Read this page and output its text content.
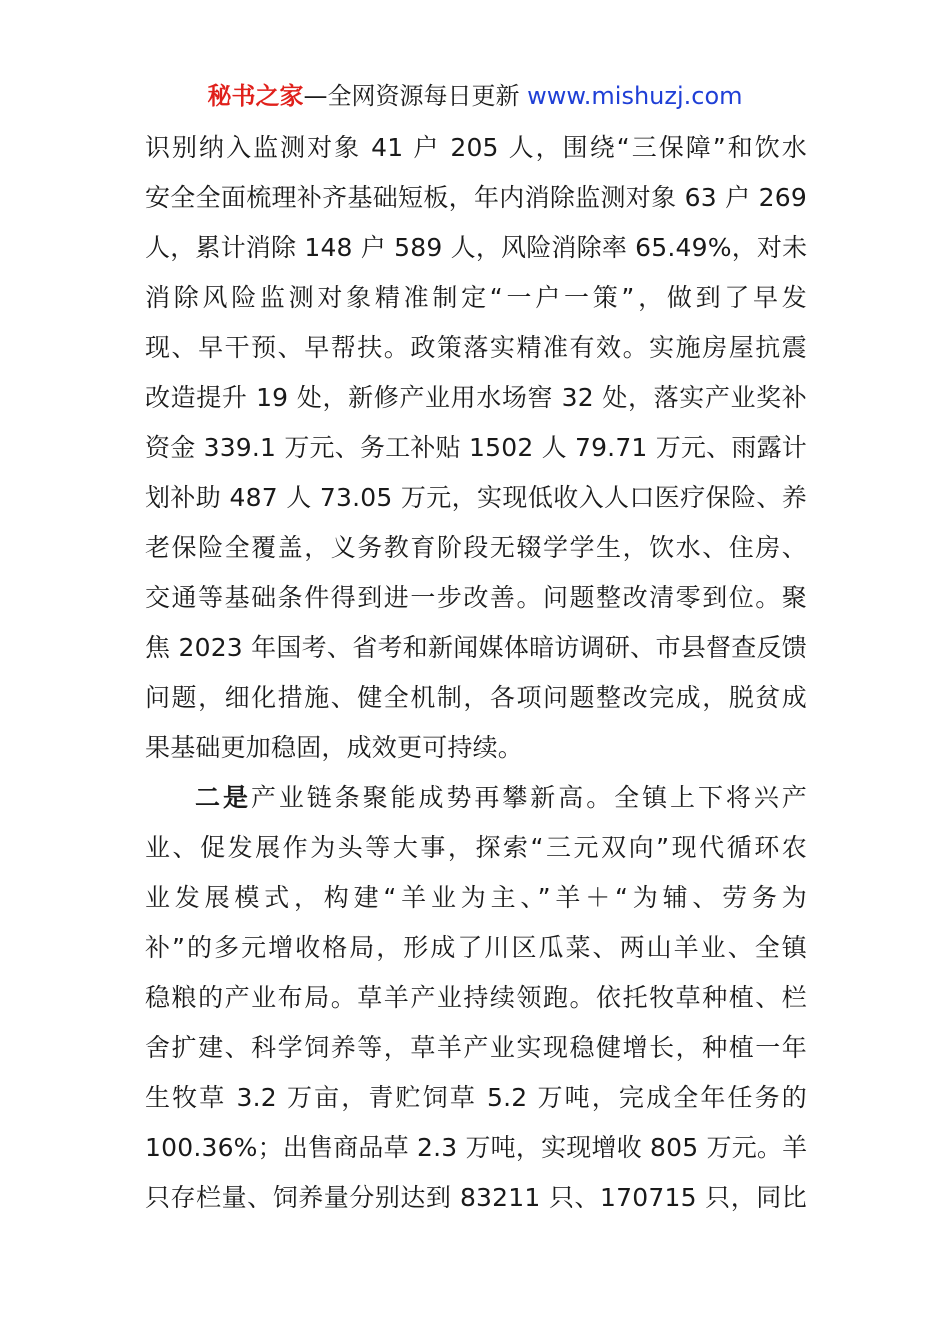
秘书之家—全网资源每日更新 www.mishuzj.com
识别纳入监测对象 41 户 205 人，围绕“三保障”和饮水
安全全面梳理补齐基础短板，年内消除监测对象 63 户 269
人，累计消除 148 户 589 人，风险消除率 65.49%，对未
消除风险监测对象精准制定“一户一策”，做到了早发
现、早干预、早帮扶。政策落实精准有效。实施房屋抗震
改造提升 19 处，新修产业用水场窖 32 处，落实产业奖补
资金 339.1 万元、务工补贴 1502 人 79.71 万元、雨露计
划补助 487 人 73.05 万元，实现低收入人口医疗保险、养
老保险全覆盖，义务教育阶段无辍学学生，饮水、住房、
交通等基础条件得到进一步改善。问题整改清零到位。聚
焦 2023 年国考、省考和新闻媒体暗访调研、市县督查反馈
问题，细化措施、健全机制，各项问题整改完成，脱贫成
果基础更加稳固，成效更可持续。
二是产业链条聚能成势再攀新高。全镇上下将兴产
业、促发展作为头等大事，探索“三元双向”现代循环农
业发展模式，构建“羊业为主、”羊＋“为辅、劳务为
补”的多元增收格局，形成了川区瓜菜、两山羊业、全镇
稳粮的产业布局。草羊产业持续领跑。依托牧草种植、栏
舍扩建、科学饲养等，草羊产业实现稳健增长，种植一年
生牧草 3.2 万亩，青贮饲草 5.2 万吨，完成全年任务的
100.36%；出售商品草 2.3 万吨，实现增收 805 万元。羊
只存栏量、饲养量分别达到 83211 只、170715 只，同比
